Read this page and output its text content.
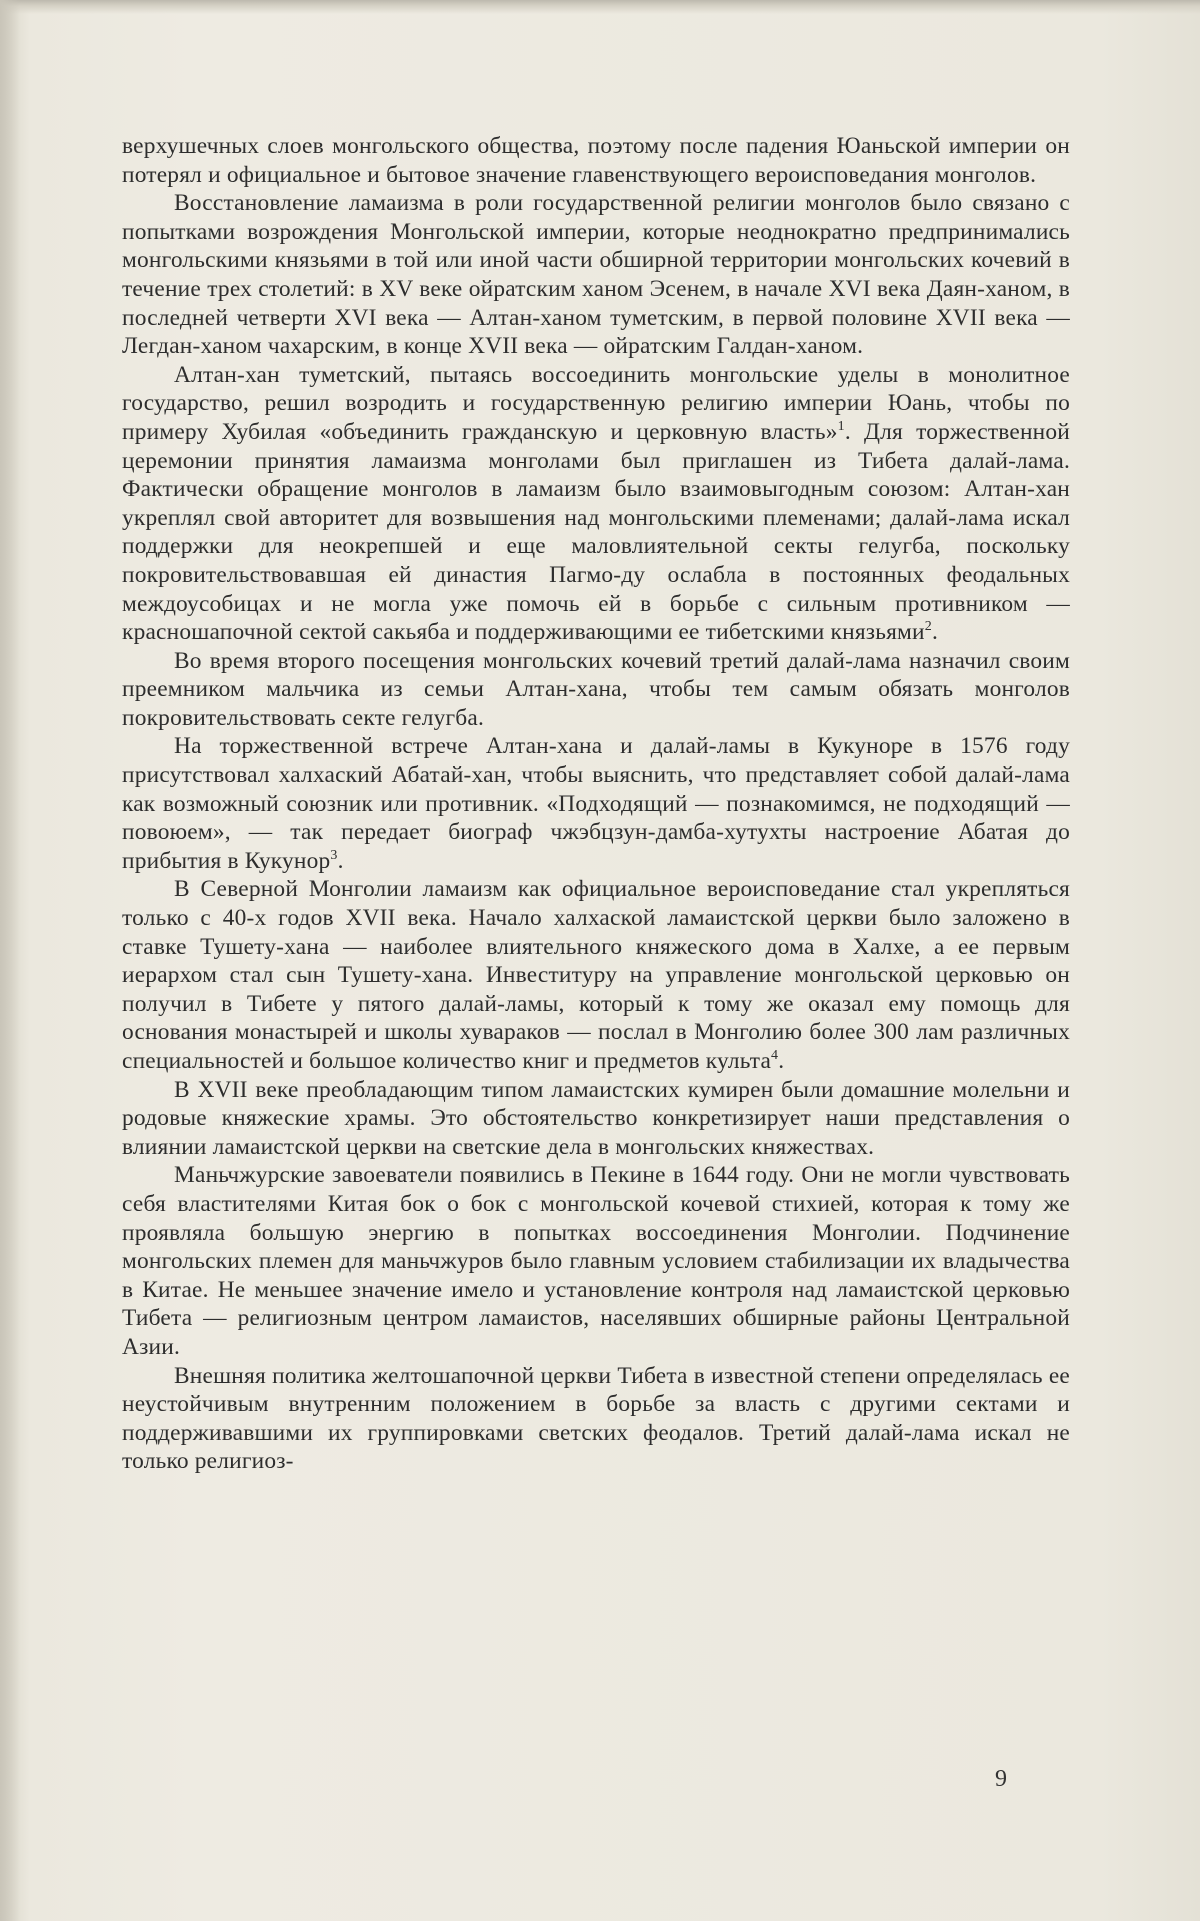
верхушечных слоев монгольского общества, поэтому после падения Юаньской империи он потерял и официальное и бытовое значение главенствующего вероисповедания монголов.

Восстановление ламаизма в роли государственной религии монголов было связано с попытками возрождения Монгольской империи, которые неоднократно предпринимались монгольскими князьями в той или иной части обширной территории монгольских кочевий в течение трех столетий: в XV веке ойратским ханом Эсенем, в начале XVI века Даян-ханом, в последней четверти XVI века — Алтан-ханом туметским, в первой половине XVII века — Легдан-ханом чахарским, в конце XVII века — ойратским Галдан-ханом.

Алтан-хан туметский, пытаясь воссоединить монгольские уделы в монолитное государство, решил возродить и государственную религию империи Юань, чтобы по примеру Хубилая «объединить гражданскую и церковную власть»$^1$. Для торжественной церемонии принятия ламаизма монголами был приглашен из Тибета далай-лама. Фактически обращение монголов в ламаизм было взаимовыгодным союзом: Алтан-хан укреплял свой авторитет для возвышения над монгольскими племенами; далай-лама искал поддержки для неокрепшей и еще маловлиятельной секты гелугба, поскольку покровительствовавшая ей династия Пагмо-ду ослабла в постоянных феодальных междоусобицах и не могла уже помочь ей в борьбе с сильным противником — красношапочной сектой сакьяба и поддерживающими ее тибетскими князьями$^2$.

Во время второго посещения монгольских кочевий третий далай-лама назначил своим преемником мальчика из семьи Алтан-хана, чтобы тем самым обязать монголов покровительствовать секте гелугба.

На торжественной встрече Алтан-хана и далай-ламы в Кукуноре в 1576 году присутствовал халхаский Абатай-хан, чтобы выяснить, что представляет собой далай-лама как возможный союзник или противник. «Подходящий — познакомимся, не подходящий — повоюем», — так передает биограф чжэбцзун-дамба-хутухты настроение Абатая до прибытия в Кукунор$^3$.

В Северной Монголии ламаизм как официальное вероисповедание стал укрепляться только с 40-х годов XVII века. Начало халхаской ламаистской церкви было заложено в ставке Тушету-хана — наиболее влиятельного княжеского дома в Халхе, а ее первым иерархом стал сын Тушету-хана. Инвеституру на управление монгольской церковью он получил в Тибете у пятого далай-ламы, который к тому же оказал ему помощь для основания монастырей и школы хувараков — послал в Монголию более 300 лам различных специальностей и большое количество книг и предметов культа$^4$.

В XVII веке преобладающим типом ламаистских кумирен были домашние молельни и родовые княжеские храмы. Это обстоятельство конкретизирует наши представления о влиянии ламаистской церкви на светские дела в монгольских княжествах.

Маньчжурские завоеватели появились в Пекине в 1644 году. Они не могли чувствовать себя властителями Китая бок о бок с монгольской кочевой стихией, которая к тому же проявляла большую энергию в попытках воссоединения Монголии. Подчинение монгольских племен для маньчжуров было главным условием стабилизации их владычества в Китае. Не меньшее значение имело и установление контроля над ламаистской церковью Тибета — религиозным центром ламаистов, населявших обширные районы Центральной Азии.

Внешняя политика желтошапочной церкви Тибета в известной степени определялась ее неустойчивым внутренним положением в борьбе за власть с другими сектами и поддерживавшими их группировками светских феодалов. Третий далай-лама искал не только религиоз-

9
